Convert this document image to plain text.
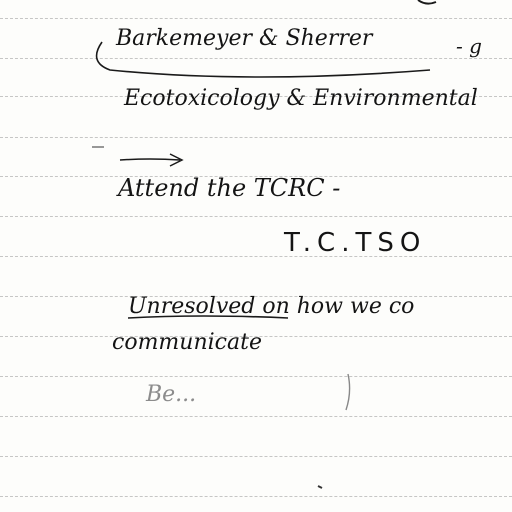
Barkemeyer & Sherrer	- g
Ecotoxicology & Environmental
Attend the TCRC -
T.C.TSO
Unresolved on how we co
communicate
Be...
